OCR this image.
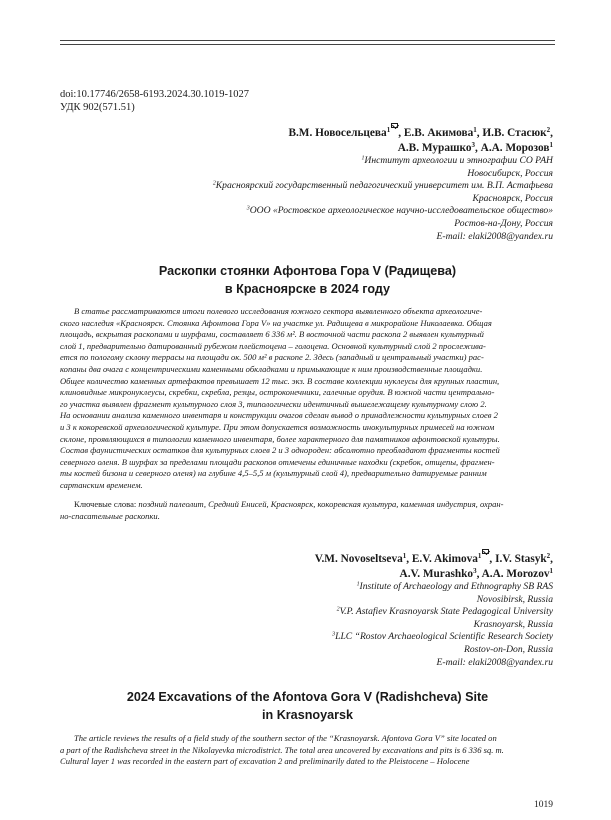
doi:10.17746/2658-6193.2024.30.1019-1027
УДК 902(571.51)
В.М. Новосельцева$^1$ , Е.В. Акимова$^1$, И.В. Стасюк$^2$,
А.В. Мурашко$^3$, А.А. Морозов$^1$
$^1$Институт археологии и этнографии СО РАН
Новосибирск, Россия
$^2$Красноярский государственный педагогический университет им. В.П. Астафьева
Красноярск, Россия
$^3$ООО «Ростовское археологическое научно-исследовательское общество»
Ростов-на-Дону, Россия
E-mail: elaki2008@yandex.ru
Раскопки стоянки Афонтова Гора V (Радищева)
в Красноярске в 2024 году
В статье рассматриваются итоги полевого исследования южного сектора выявленного объекта археологиче-
ского наследия «Красноярск. Стоянка Афонтова Гора V» на участке ул. Радищева в микрорайоне Николаевка. Общая
площадь, вскрытая раскопами и шурфами, составляет 6 336 м². В восточной части раскопа 2 выявлен культурный
слой 1, предварительно датированный рубежом плейстоцена – голоцена. Основной культурный слой 2 прослежива-
ется по пологому склону террасы на площади ок. 500 м² в раскопе 2. Здесь (западный и центральный участки) рас-
копаны два очага с концентрическими каменными обкладками и примыкающие к ним производственные площадки.
Общее количество каменных артефактов превышает 12 тыс. экз. В составе коллекции нуклеусы для крупных пластин,
клиновидные микронуклеусы, скребки, скребла, резцы, остроконечники, галечные орудия. В южной части центрально-
го участка выявлен фрагмент культурного слоя 3, типологически идентичный вышележащему культурному слою 2.
На основании анализа каменного инвентаря и конструкции очагов сделан вывод о принадлежности культурных слоев 2
и 3 к кокоревской археологической культуре. При этом допускается возможность инокультурных примесей на южном
склоне, проявляющихся в типологии каменного инвентаря, более характерного для памятников афонтовской культуры.
Состав фаунистических остатков для культурных слоев 2 и 3 однороден: абсолютно преобладают фрагменты костей
северного оленя. В шурфах за пределами площади раскопов отмечены единичные находки (скребок, отщепы, фрагмен-
ты костей бизона и северного оленя) на глубине 4,5–5,5 м (культурный слой 4), предварительно датируемые ранним
сартанским временем.
Ключевые слова: поздний палеолит, Средний Енисей, Красноярск, кокоревская культура, каменная индустрия, охран-
но-спасательные раскопки.
V.M. Novoseltseva$^1$, E.V. Akimova$^1$ , I.V. Stasyk$^2$,
A.V. Murashko$^3$, A.A. Morozov$^1$
$^1$Institute of Archaeology and Ethnography SB RAS
Novosibirsk, Russia
$^2$V.P. Astafiev Krasnoyarsk State Pedagogical University
Krasnoyarsk, Russia
$^3$LLC “Rostov Archaeological Scientific Research Society
Rostov-on-Don, Russia
E-mail: elaki2008@yandex.ru
2024 Excavations of the Afontova Gora V (Radishcheva) Site
in Krasnoyarsk
The article reviews the results of a field study of the southern sector of the “Krasnoyarsk. Afontova Gora V” site located on
a part of the Radishcheva street in the Nikolayevka microdistrict. The total area uncovered by excavations and pits is 6 336 sq. m.
Cultural layer 1 was recorded in the eastern part of excavation 2 and preliminarily dated to the Pleistocene – Holocene
1019
